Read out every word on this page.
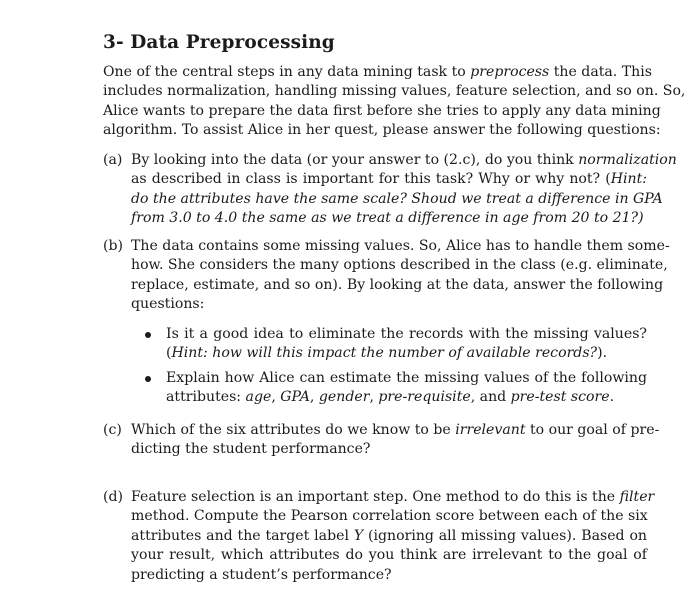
3- Data Preprocessing
One of the central steps in any data mining task to preprocess the data. This
includes normalization, handling missing values, feature selection, and so on. So,
Alice wants to prepare the data first before she tries to apply any data mining
algorithm. To assist Alice in her quest, please answer the following questions:
(a) By looking into the data (or your answer to (2.c), do you think normalization
as described in class is important for this task? Why or why not? (Hint:
do the attributes have the same scale? Shoud we treat a difference in GPA
from 3.0 to 4.0 the same as we treat a difference in age from 20 to 21?)
(b) The data contains some missing values. So, Alice has to handle them some-
how. She considers the many options described in the class (e.g. eliminate,
replace, estimate, and so on). By looking at the data, answer the following
questions:
Is it a good idea to eliminate the records with the missing values?
(Hint: how will this impact the number of available records?).
Explain how Alice can estimate the missing values of the following
attributes: age, GPA, gender, pre-requisite, and pre-test score.
(c) Which of the six attributes do we know to be irrelevant to our goal of pre-
dicting the student performance?
(d) Feature selection is an important step. One method to do this is the filter
method. Compute the Pearson correlation score between each of the six
attributes and the target label Y (ignoring all missing values). Based on
your result, which attributes do you think are irrelevant to the goal of
predicting a student’s performance?
